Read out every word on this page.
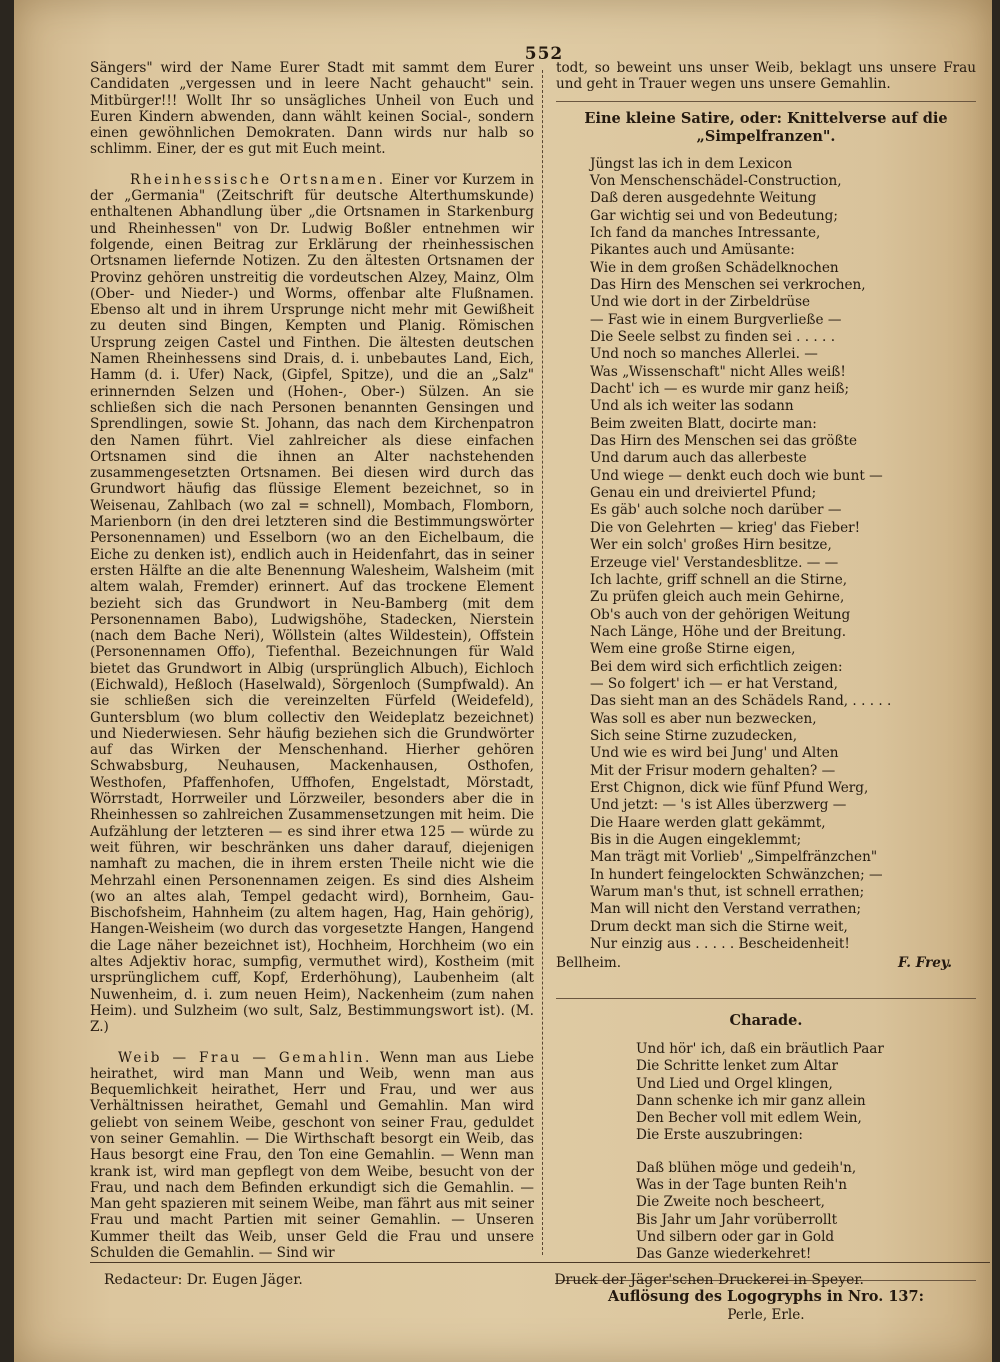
552

Sängers" wird der Name Eurer Stadt mit sammt dem Eurer Candidaten „vergessen und in leere Nacht gehaucht" sein. Mitbürger!!! Wollt Ihr so unsägliches Unheil von Euch und Euren Kindern abwenden, dann wählt keinen Social-, sondern einen gewöhnlichen Demokraten. Dann wirds nur halb so schlimm. Einer, der es gut mit Euch meint.

Rheinhessische Ortsnamen. Einer vor Kurzem in der „Germania" (Zeitschrift für deutsche Alterthumskunde) enthaltenen Abhandlung über „die Ortsnamen in Starkenburg und Rheinhessen" von Dr. Ludwig Boßler entnehmen wir folgende, einen Beitrag zur Erklärung der rheinhessischen Ortsnamen liefernde Notizen. Zu den ältesten Ortsnamen der Provinz gehören unstreitig die vordeutschen Alzey, Mainz, Olm (Ober- und Nieder-) und Worms, offenbar alte Flußnamen. Ebenso alt und in ihrem Ursprunge nicht mehr mit Gewißheit zu deuten sind Bingen, Kempten und Planig. Römischen Ursprung zeigen Castel und Finthen. Die ältesten deutschen Namen Rheinhessens sind Drais, d. i. unbebautes Land, Eich, Hamm (d. i. Ufer) Nack, (Gipfel, Spitze), und die an „Salz" erinnernden Selzen und (Hohen-, Ober-) Sülzen. An sie schließen sich die nach Personen benannten Gensingen und Sprendlingen, sowie St. Johann, das nach dem Kirchenpatron den Namen führt. Viel zahlreicher als diese einfachen Ortsnamen sind die ihnen an Alter nachstehenden zusammengesetzten Ortsnamen. Bei diesen wird durch das Grundwort häufig das flüssige Element bezeichnet, so in Weisenau, Zahlbach (wo zal = schnell), Mombach, Flomborn, Marienborn (in den drei letzteren sind die Bestimmungswörter Personennamen) und Esselborn (wo an den Eichelbaum, die Eiche zu denken ist), endlich auch in Heidenfahrt, das in seiner ersten Hälfte an die alte Benennung Walesheim, Walsheim (mit altem walah, Fremder) erinnert. Auf das trockene Element bezieht sich das Grundwort in Neu-Bamberg (mit dem Personennamen Babo), Ludwigshöhe, Stadecken, Nierstein (nach dem Bache Neri), Wöllstein (altes Wildestein), Offstein (Personennamen Offo), Tiefenthal. Bezeichnungen für Wald bietet das Grundwort in Albig (ursprünglich Albuch), Eichloch (Eichwald), Heßloch (Haselwald), Sörgenloch (Sumpfwald). An sie schließen sich die vereinzelten Fürfeld (Weidefeld), Guntersblum (wo blum collectiv den Weideplatz bezeichnet) und Niederwiesen. Sehr häufig beziehen sich die Grundwörter auf das Wirken der Menschenhand. Hierher gehören Schwabsburg, Neuhausen, Mackenhausen, Osthofen, Westhofen, Pfaffenhofen, Uffhofen, Engelstadt, Mörstadt, Wörrstadt, Horrweiler und Lörzweiler, besonders aber die in Rheinhessen so zahlreichen Zusammensetzungen mit heim. Die Aufzählung der letzteren — es sind ihrer etwa 125 — würde zu weit führen, wir beschränken uns daher darauf, diejenigen namhaft zu machen, die in ihrem ersten Theile nicht wie die Mehrzahl einen Personennamen zeigen. Es sind dies Alsheim (wo an altes alah, Tempel gedacht wird), Bornheim, Gau-Bischofsheim, Hahnheim (zu altem hagen, Hag, Hain gehörig), Hangen-Weisheim (wo durch das vorgesetzte Hangen, Hangend die Lage näher bezeichnet ist), Hochheim, Horchheim (wo ein altes Adjektiv horac, sumpfig, vermuthet wird), Kostheim (mit ursprünglichem cuff, Kopf, Erderhöhung), Laubenheim (alt Nuwenheim, d. i. zum neuen Heim), Nackenheim (zum nahen Heim). und Sulzheim (wo sult, Salz, Bestimmungswort ist). (M. Z.)

Weib — Frau — Gemahlin. Wenn man aus Liebe heirathet, wird man Mann und Weib, wenn man aus Bequemlichkeit heirathet, Herr und Frau, und wer aus Verhältnissen heirathet, Gemahl und Gemahlin. Man wird geliebt von seinem Weibe, geschont von seiner Frau, geduldet von seiner Gemahlin. — Die Wirthschaft besorgt ein Weib, das Haus besorgt eine Frau, den Ton eine Gemahlin. — Wenn man krank ist, wird man gepflegt von dem Weibe, besucht von der Frau, und nach dem Befinden erkundigt sich die Gemahlin. — Man geht spazieren mit seinem Weibe, man fährt aus mit seiner Frau und macht Partien mit seiner Gemahlin. — Unseren Kummer theilt das Weib, unser Geld die Frau und unsere Schulden die Gemahlin. — Sind wir

todt, so beweint uns unser Weib, beklagt uns unsere Frau und geht in Trauer wegen uns unsere Gemahlin.

Eine kleine Satire, oder: Knittelverse auf die „Simpelfranzen".
Jüngst las ich in dem Lexicon
Von Menschenschädel-Construction,
Daß deren ausgedehnte Weitung
Gar wichtig sei und von Bedeutung;
Ich fand da manches Intressante,
Pikantes auch und Amüsante:
Wie in dem großen Schädelknochen
Das Hirn des Menschen sei verkrochen,
Und wie dort in der Zirbeldrüse
— Fast wie in einem Burgverließe —
Die Seele selbst zu finden sei . . . . .
Und noch so manches Allerlei. —
Was „Wissenschaft" nicht Alles weiß!
Dacht' ich — es wurde mir ganz heiß;
Und als ich weiter las sodann
Beim zweiten Blatt, docirte man:
Das Hirn des Menschen sei das größte
Und darum auch das allerbeste
Und wiege — denkt euch doch wie bunt —
Genau ein und dreiviertel Pfund;
Es gäb' auch solche noch darüber —
Die von Gelehrten — krieg' das Fieber!
Wer ein solch' großes Hirn besitze,
Erzeuge viel' Verstandesblitze. — —
Ich lachte, griff schnell an die Stirne,
Zu prüfen gleich auch mein Gehirne,
Ob's auch von der gehörigen Weitung
Nach Länge, Höhe und der Breitung.
Wem eine große Stirne eigen,
Bei dem wird sich erfichtlich zeigen:
— So folgert' ich — er hat Verstand,
Das sieht man an des Schädels Rand, . . . . .
Was soll es aber nun bezwecken,
Sich seine Stirne zuzudecken,
Und wie es wird bei Jung' und Alten
Mit der Frisur modern gehalten? —
Erst Chignon, dick wie fünf Pfund Werg,
Und jetzt: — 's ist Alles überzwerg —
Die Haare werden glatt gekämmt,
Bis in die Augen eingeklemmt;
Man trägt mit Vorlieb' „Simpelfränzchen"
In hundert feingelockten Schwänzchen; —
Warum man's thut, ist schnell errathen;
Man will nicht den Verstand verrathen;
Drum deckt man sich die Stirne weit,
Nur einzig aus . . . . . Bescheidenheit!
Bellheim.	F. Frey.
Charade.
Und hör' ich, daß ein bräutlich Paar
Die Schritte lenket zum Altar
Und Lied und Orgel klingen,
Dann schenke ich mir ganz allein
Den Becher voll mit edlem Wein,
Die Erste auszubringen:
Daß blühen möge und gedeih'n,
Was in der Tage bunten Reih'n
Die Zweite noch bescheert,
Bis Jahr um Jahr vorüberrollt
Und silbern oder gar in Gold
Das Ganze wiederkehret!
Auflösung des Logogryphs in Nro. 137:
Perle, Erle.
Redacteur: Dr. Eugen Jäger.	Druck der Jäger'schen Druckerei in Speyer.
